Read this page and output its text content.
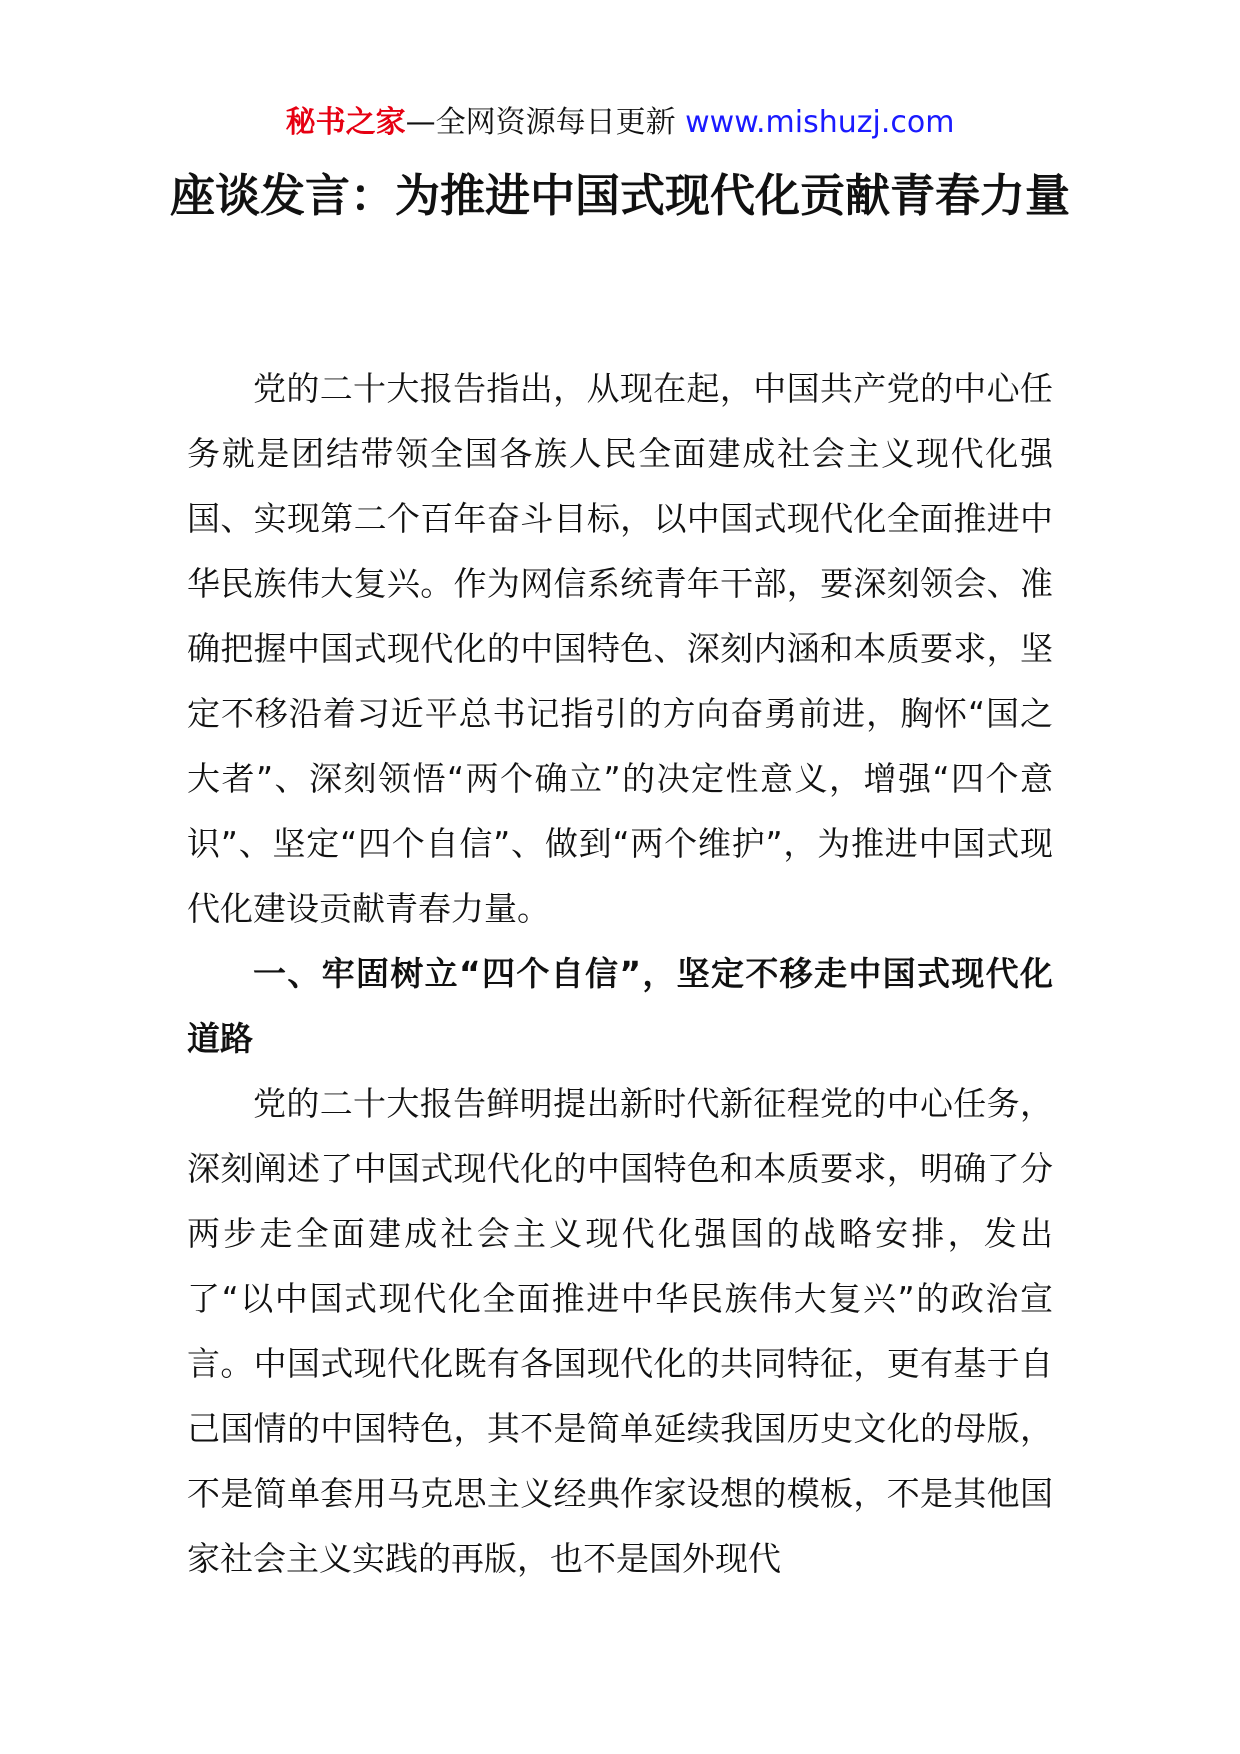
秘书之家—全网资源每日更新 www.mishuzj.com
座谈发言：为推进中国式现代化贡献青春力量

党的二十大报告指出，从现在起，中国共产党的中心任务就是团结带领全国各族人民全面建成社会主义现代化强国、实现第二个百年奋斗目标，以中国式现代化全面推进中华民族伟大复兴。作为网信系统青年干部，要深刻领会、准确把握中国式现代化的中国特色、深刻内涵和本质要求，坚定不移沿着习近平总书记指引的方向奋勇前进，胸怀“国之大者”、深刻领悟“两个确立”的决定性意义，增强“四个意识”、坚定“四个自信”、做到“两个维护”，为推进中国式现代化建设贡献青春力量。

一、牢固树立“四个自信”，坚定不移走中国式现代化道路

党的二十大报告鲜明提出新时代新征程党的中心任务，深刻阐述了中国式现代化的中国特色和本质要求，明确了分两步走全面建成社会主义现代化强国的战略安排，发出了“以中国式现代化全面推进中华民族伟大复兴”的政治宣言。中国式现代化既有各国现代化的共同特征，更有基于自己国情的中国特色，其不是简单延续我国历史文化的母版，不是简单套用马克思主义经典作家设想的模板，不是其他国家社会主义实践的再版，也不是国外现代
